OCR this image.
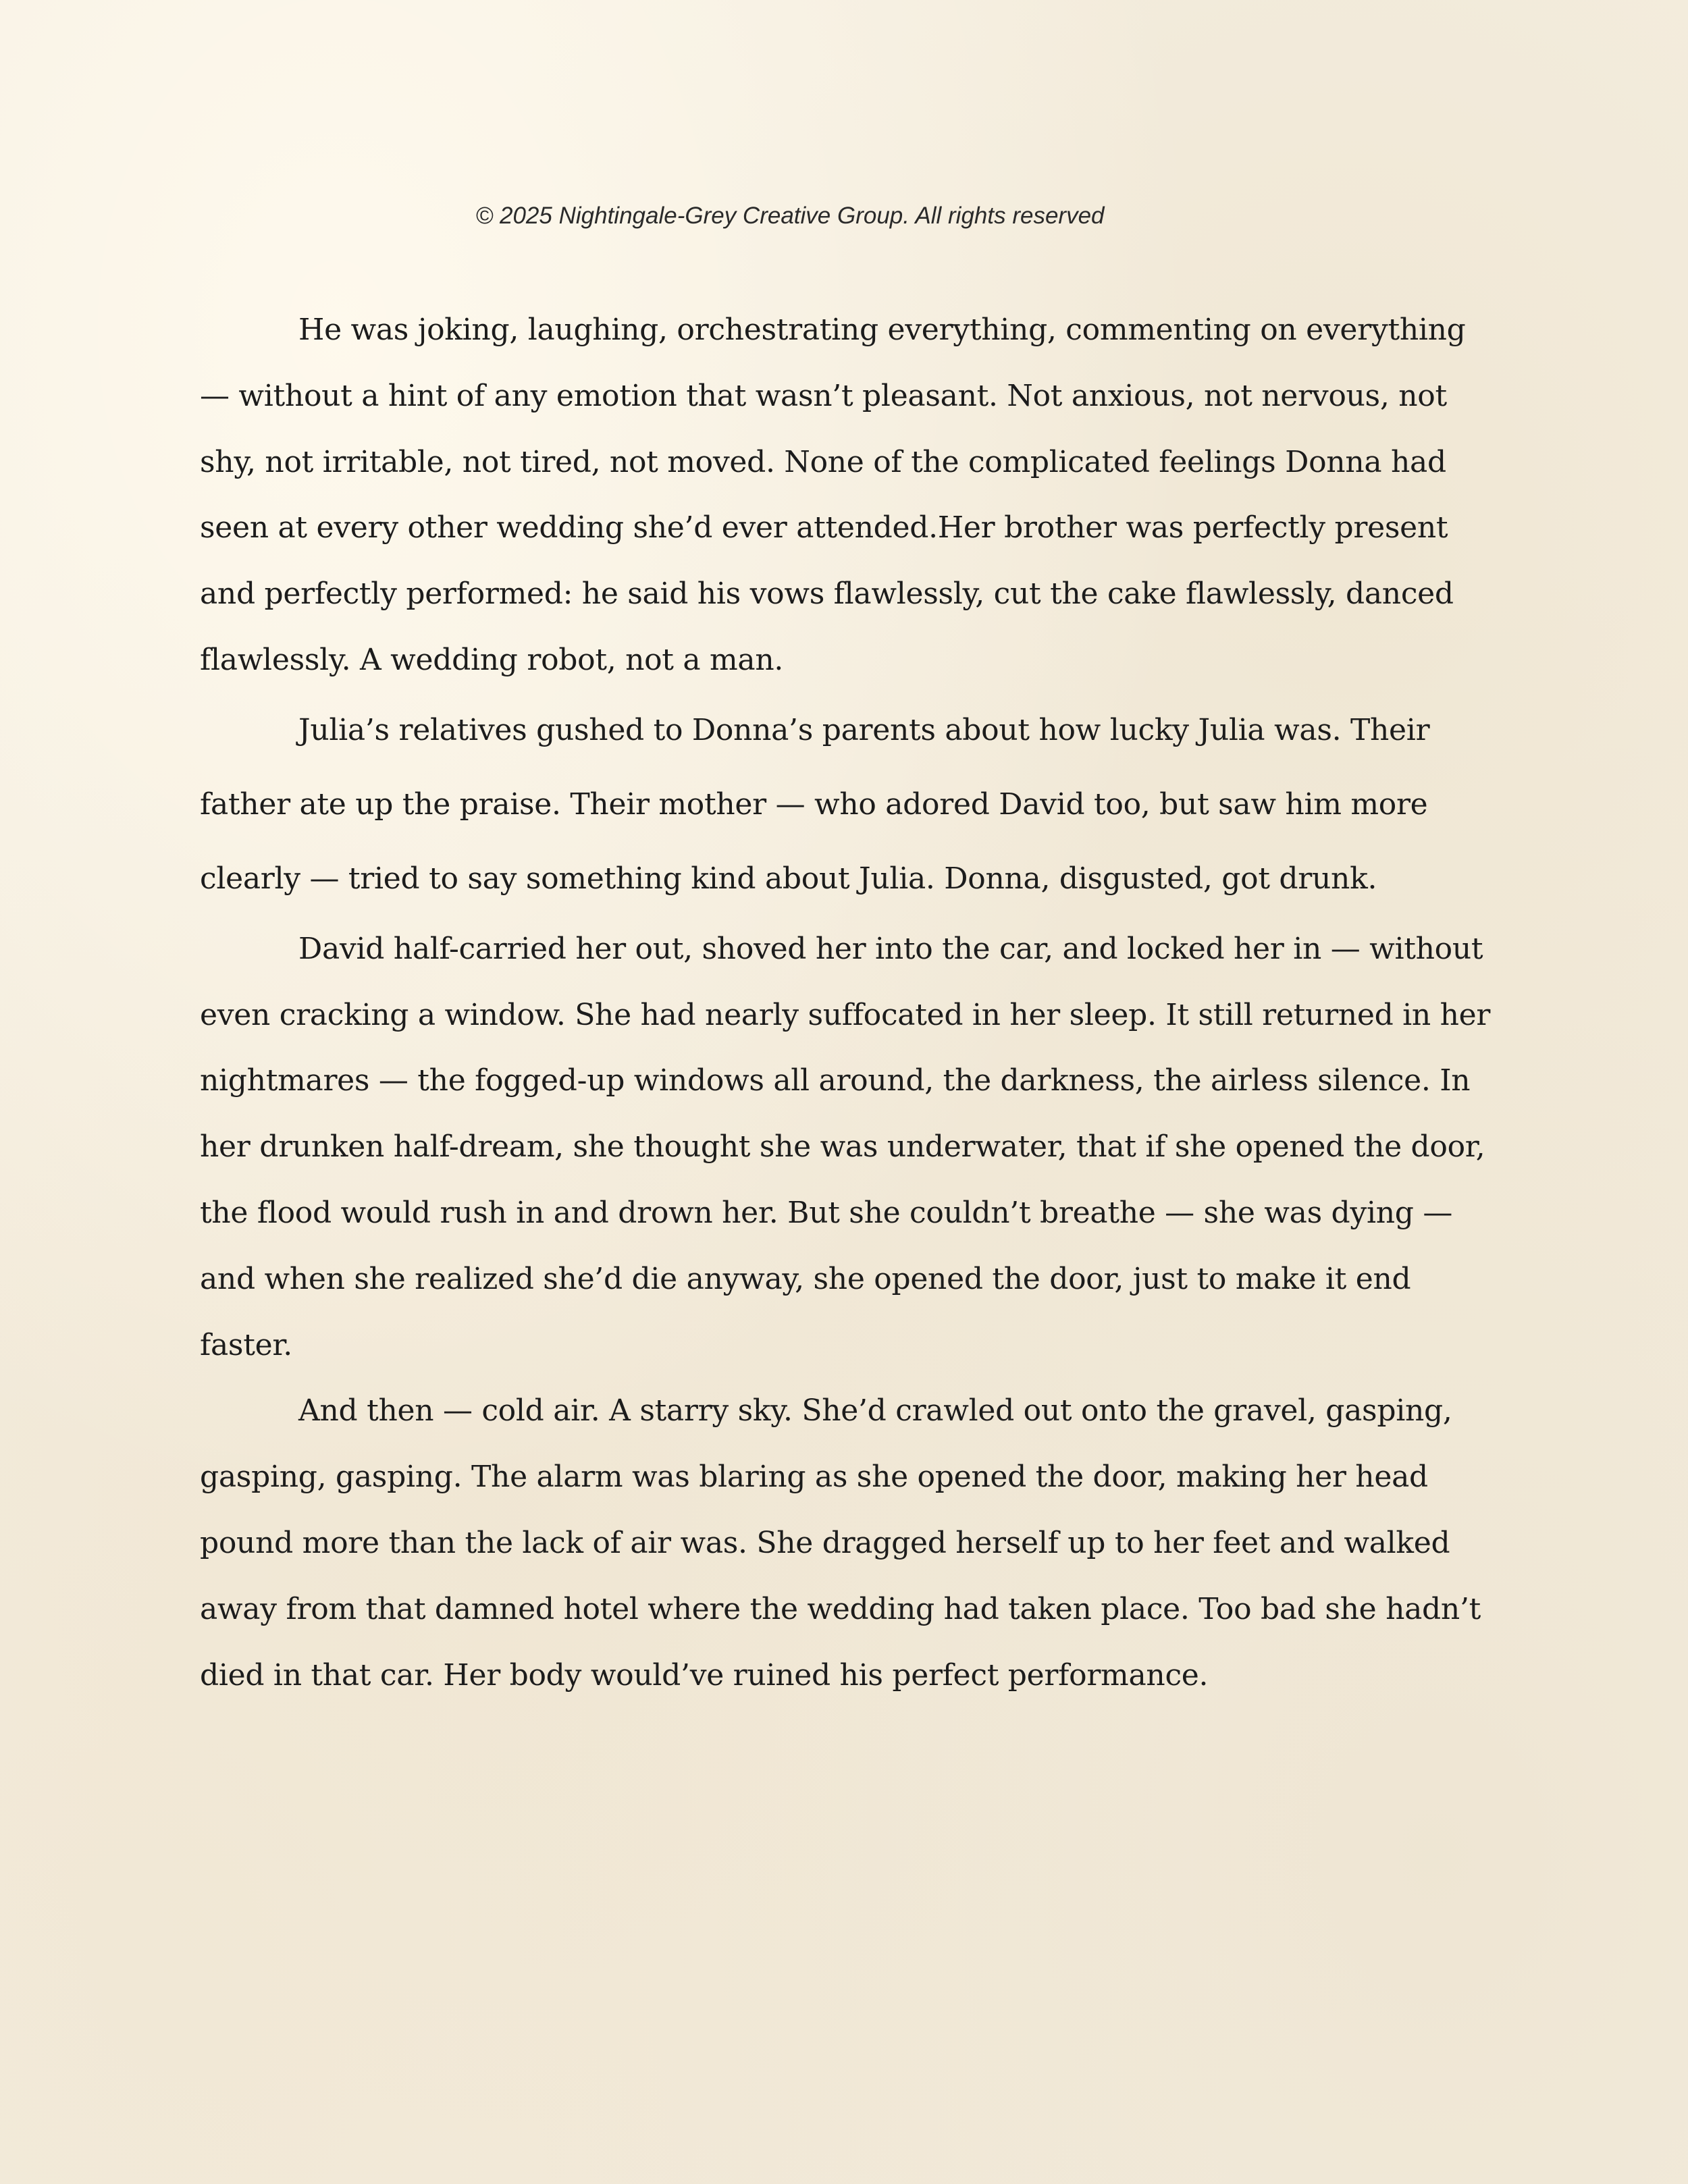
© 2025 Nightingale-Grey Creative Group. All rights reserved

He was joking, laughing, orchestrating everything, commenting on everything — without a hint of any emotion that wasn’t pleasant. Not anxious, not nervous, not shy, not irritable, not tired, not moved. None of the complicated feelings Donna had seen at every other wedding she’d ever attended.Her brother was perfectly present and perfectly performed: he said his vows flawlessly, cut the cake flawlessly, danced flawlessly. A wedding robot, not a man.

Julia’s relatives gushed to Donna’s parents about how lucky Julia was. Their father ate up the praise. Their mother — who adored David too, but saw him more clearly — tried to say something kind about Julia. Donna, disgusted, got drunk.

David half-carried her out, shoved her into the car, and locked her in — without even cracking a window. She had nearly suffocated in her sleep. It still returned in her nightmares — the fogged-up windows all around, the darkness, the airless silence. In her drunken half-dream, she thought she was underwater, that if she opened the door, the flood would rush in and drown her. But she couldn’t breathe — she was dying — and when she realized she’d die anyway, she opened the door, just to make it end faster.

And then — cold air. A starry sky. She’d crawled out onto the gravel, gasping, gasping, gasping. The alarm was blaring as she opened the door, making her head pound more than the lack of air was. She dragged herself up to her feet and walked away from that damned hotel where the wedding had taken place. Too bad she hadn’t died in that car. Her body would’ve ruined his perfect performance.
